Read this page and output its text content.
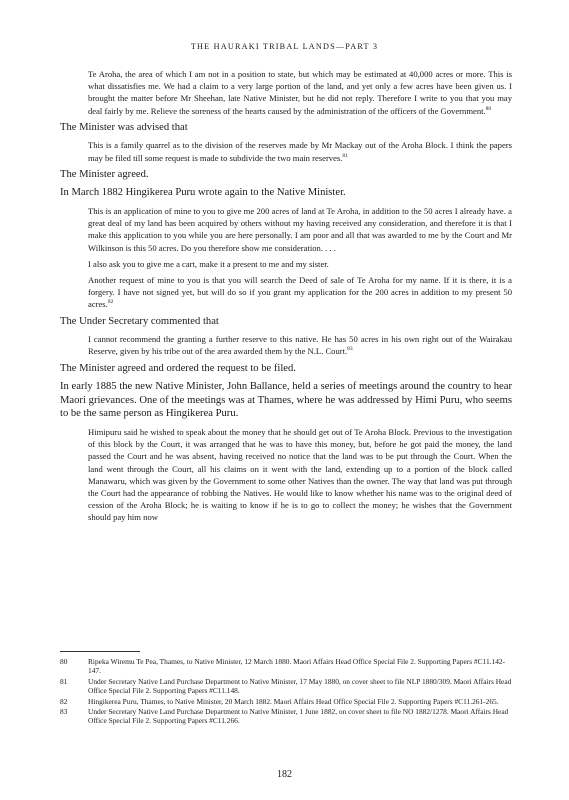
THE HAURAKI TRIBAL LANDS—PART 3

Te Aroha, the area of which I am not in a position to state, but which may be estimated at 40,000 acres or more. This is what dissatisfies me. We had a claim to a very large portion of the land, and yet only a few acres have been given us. I brought the matter before Mr Sheehan, late Native Minister, but he did not reply. Therefore I write to you that you may deal fairly by me. Relieve the soreness of the hearts caused by the administration of the officers of the Government.$^{80}$

The Minister was advised that

This is a family quarrel as to the division of the reserves made by Mr Mackay out of the Aroha Block. I think the papers may be filed till some request is made to subdivide the two main reserves.$^{81}$

The Minister agreed.

In March 1882 Hingikerea Puru wrote again to the Native Minister.

This is an application of mine to you to give me 200 acres of land at Te Aroha, in addition to the 50 acres I already have. a great deal of my land has been acquired by others without my having received any consideration, and therefore it is that I make this application to you while you are here personally. I am poor and all that was awarded to me by the Court and Mr Wilkinson is this 50 acres. Do you therefore show me consideration. . . .

I also ask you to give me a cart, make it a present to me and my sister.

Another request of mine to you is that you will search the Deed of sale of Te Aroha for my name. If it is there, it is a forgery. I have not signed yet, but will do so if you grant my application for the 200 acres in addition to my present 50 acres.$^{82}$

The Under Secretary commented that

I cannot recommend the granting a further reserve to this native. He has 50 acres in his own right out of the Wairakau Reserve, given by his tribe out of the area awarded them by the N.L. Court.$^{83}$

The Minister agreed and ordered the request to be filed.

In early 1885 the new Native Minister, John Ballance, held a series of meetings around the country to hear Maori grievances. One of the meetings was at Thames, where he was addressed by Himi Puru, who seems to be the same person as Hingikerea Puru.

Himipuru said he wished to speak about the money that he should get out of Te Aroha Block. Previous to the investigation of this block by the Court, it was arranged that he was to have this money, but, before he got paid the money, the land passed the Court and he was absent, having received no notice that the land was to be put through the Court. When the land went through the Court, all his claims on it went with the land, extending up to a portion of the block called Manawaru, which was given by the Government to some other Natives than the owner. The way that land was put through the Court had the appearance of robbing the Natives. He would like to know whether his name was to the original deed of cession of the Aroha Block; he is waiting to know if he is to go to collect the money; he wishes that the Government should pay him now

80	Ripeka Wiremu Te Pea, Thames, to Native Minister, 12 March 1880. Maori Affairs Head Office Special File 2. Supporting Papers #C11.142-147.
81	Under Secretary Native Land Purchase Department to Native Minister, 17 May 1880, on cover sheet to file NLP 1880/309. Maori Affairs Head Office Special File 2. Supporting Papers #C11.148.
82	Hingikerea Puru, Thames, to Native Minister, 20 March 1882. Maori Affairs Head Office Special File 2. Supporting Papers #C11.261-265.
83	Under Secretary Native Land Purchase Department to Native Minister, 1 June 1882, on cover sheet to file NO 1882/1278. Maori Affairs Head Office Special File 2. Supporting Papers #C11.266.
182
